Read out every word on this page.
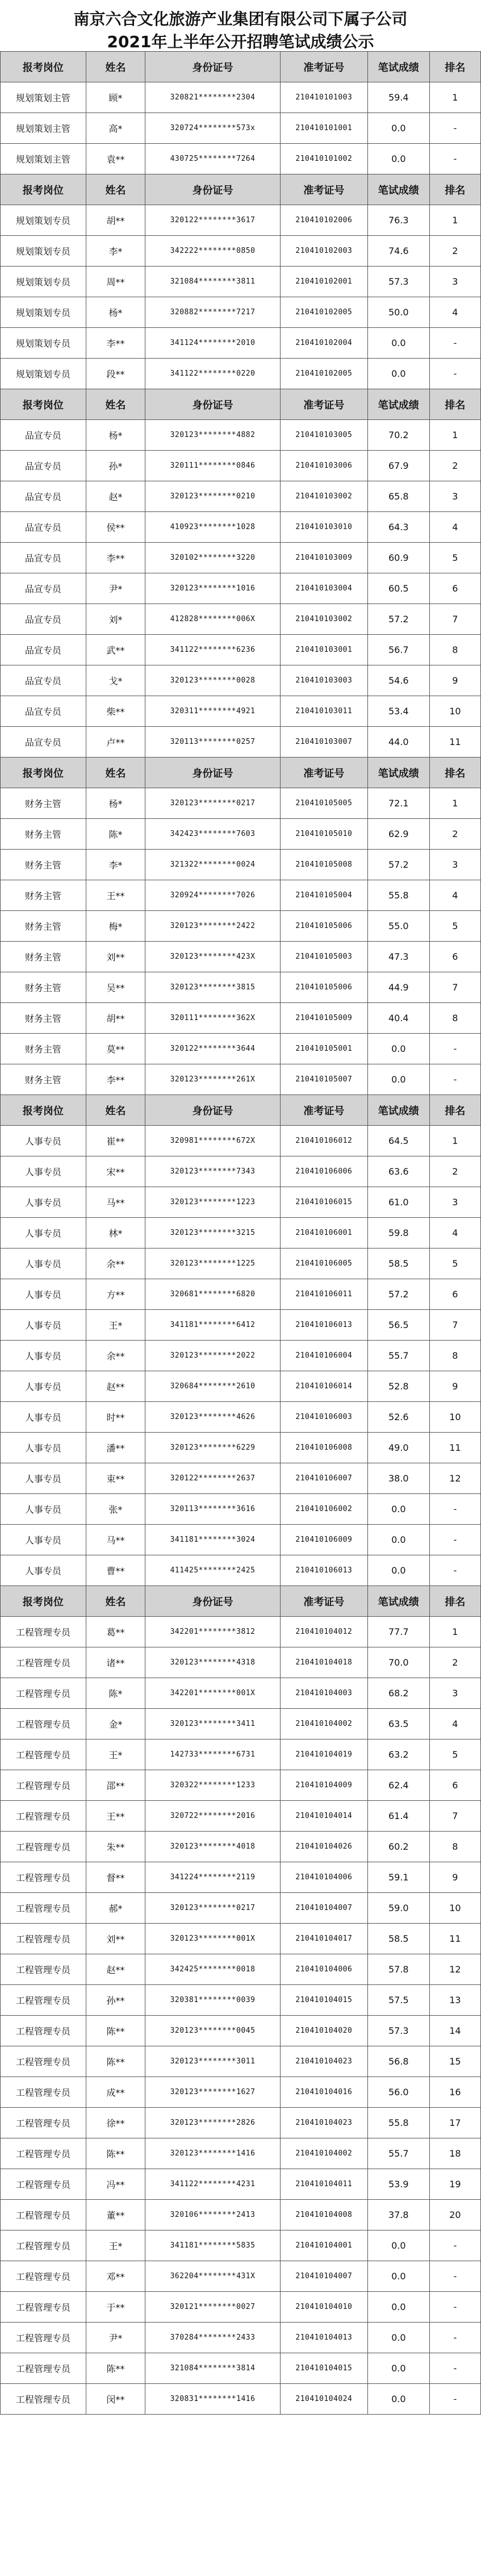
南京六合文化旅游产业集团有限公司下属子公司
2021年上半年公开招聘笔试成绩公示
报考岗位	姓名	身份证号	准考证号	笔试成绩	排名
规划策划主管	顾*	320821********2304	210410101003	59.4	1
规划策划主管	高*	320724********573x	210410101001	0.0	-
规划策划主管	袁**	430725********7264	210410101002	0.0	-
报考岗位	姓名	身份证号	准考证号	笔试成绩	排名
规划策划专员	胡**	320122********3617	210410102006	76.3	1
规划策划专员	李*	342222********0850	210410102003	74.6	2
规划策划专员	周**	321084********3811	210410102001	57.3	3
规划策划专员	杨*	320882********7217	210410102005	50.0	4
规划策划专员	李**	341124********2010	210410102004	0.0	-
规划策划专员	段**	341122********0220	210410102005	0.0	-
报考岗位	姓名	身份证号	准考证号	笔试成绩	排名
品宣专员	杨*	320123********4882	210410103005	70.2	1
品宣专员	孙*	320111********0846	210410103006	67.9	2
品宣专员	赵*	320123********0210	210410103002	65.8	3
品宣专员	侯**	410923********1028	210410103010	64.3	4
品宣专员	李**	320102********3220	210410103009	60.9	5
品宣专员	尹*	320123********1016	210410103004	60.5	6
品宣专员	刘*	412828********006X	210410103002	57.2	7
品宣专员	武**	341122********6236	210410103001	56.7	8
品宣专员	戈*	320123********0028	210410103003	54.6	9
品宣专员	柴**	320311********4921	210410103011	53.4	10
品宣专员	卢**	320113********0257	210410103007	44.0	11
报考岗位	姓名	身份证号	准考证号	笔试成绩	排名
财务主管	杨*	320123********0217	210410105005	72.1	1
财务主管	陈*	342423********7603	210410105010	62.9	2
财务主管	李*	321322********0024	210410105008	57.2	3
财务主管	王**	320924********7026	210410105004	55.8	4
财务主管	梅*	320123********2422	210410105006	55.0	5
财务主管	刘**	320123********423X	210410105003	47.3	6
财务主管	吴**	320123********3815	210410105006	44.9	7
财务主管	胡**	320111********362X	210410105009	40.4	8
财务主管	莫**	320122********3644	210410105001	0.0	-
财务主管	李**	320123********261X	210410105007	0.0	-
报考岗位	姓名	身份证号	准考证号	笔试成绩	排名
人事专员	崔**	320981********672X	210410106012	64.5	1
人事专员	宋**	320123********7343	210410106006	63.6	2
人事专员	马**	320123********1223	210410106015	61.0	3
人事专员	林*	320123********3215	210410106001	59.8	4
人事专员	余**	320123********1225	210410106005	58.5	5
人事专员	方**	320681********6820	210410106011	57.2	6
人事专员	王*	341181********6412	210410106013	56.5	7
人事专员	余**	320123********2022	210410106004	55.7	8
人事专员	赵**	320684********2610	210410106014	52.8	9
人事专员	时**	320123********4626	210410106003	52.6	10
人事专员	潘**	320123********6229	210410106008	49.0	11
人事专员	束**	320122********2637	210410106007	38.0	12
人事专员	张*	320113********3616	210410106002	0.0	-
人事专员	马**	341181********3024	210410106009	0.0	-
人事专员	曹**	411425********2425	210410106013	0.0	-
报考岗位	姓名	身份证号	准考证号	笔试成绩	排名
工程管理专员	葛**	342201********3812	210410104012	77.7	1
工程管理专员	诸**	320123********4318	210410104018	70.0	2
工程管理专员	陈*	342201********001X	210410104003	68.2	3
工程管理专员	金*	320123********3411	210410104002	63.5	4
工程管理专员	王*	142733********6731	210410104019	63.2	5
工程管理专员	邵**	320322********1233	210410104009	62.4	6
工程管理专员	王**	320722********2016	210410104014	61.4	7
工程管理专员	朱**	320123********4018	210410104026	60.2	8
工程管理专员	督**	341224********2119	210410104006	59.1	9
工程管理专员	郝*	320123********0217	210410104007	59.0	10
工程管理专员	刘**	320123********001X	210410104017	58.5	11
工程管理专员	赵**	342425********0018	210410104006	57.8	12
工程管理专员	孙**	320381********0039	210410104015	57.5	13
工程管理专员	陈**	320123********0045	210410104020	57.3	14
工程管理专员	陈**	320123********3011	210410104023	56.8	15
工程管理专员	成**	320123********1627	210410104016	56.0	16
工程管理专员	徐**	320123********2826	210410104023	55.8	17
工程管理专员	陈**	320123********1416	210410104002	55.7	18
工程管理专员	冯**	341122********4231	210410104011	53.9	19
工程管理专员	董**	320106********2413	210410104008	37.8	20
工程管理专员	王*	341181********5835	210410104001	0.0	-
工程管理专员	邓**	362204********431X	210410104007	0.0	-
工程管理专员	于**	320121********0027	210410104010	0.0	-
工程管理专员	尹*	370284********2433	210410104013	0.0	-
工程管理专员	陈**	321084********3814	210410104015	0.0	-
工程管理专员	闵**	320831********1416	210410104024	0.0	-
